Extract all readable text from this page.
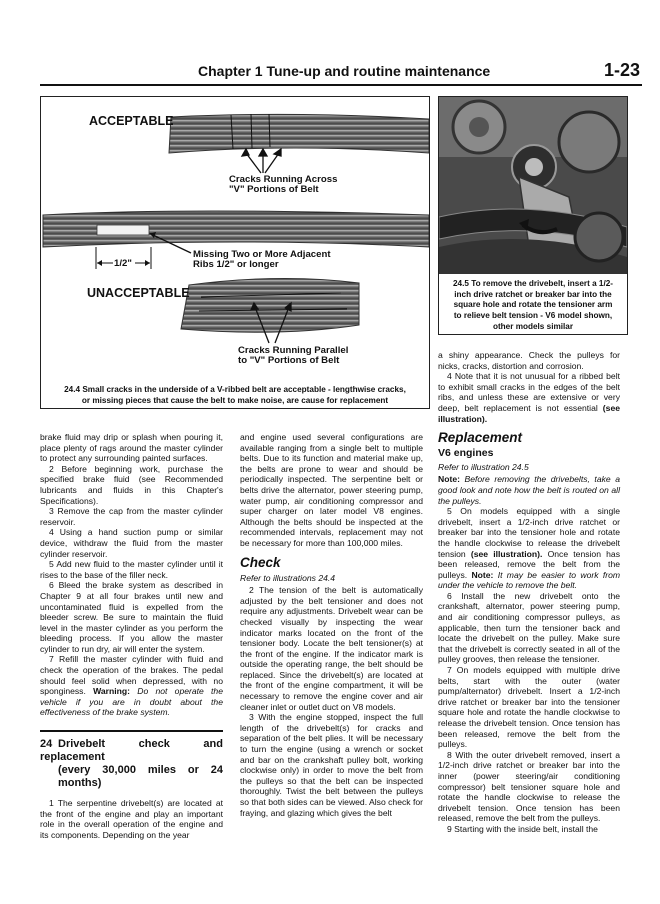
Chapter 1 Tune-up and routine maintenance	1-23
ACCEPTABLE
Cracks Running Across
"V" Portions of Belt
1/2"
Missing Two or More Adjacent
Ribs 1/2" or longer
UNACCEPTABLE
Cracks Running Parallel
to "V" Portions of Belt
24.4 Small cracks in the underside of a V-ribbed belt are acceptable - lengthwise cracks,
or missing pieces that cause the belt to make noise, are cause for replacement
24.5 To remove the drivebelt, insert a 1/2-
inch drive ratchet or breaker bar into the
square hole and rotate the tensioner arm
to relieve belt tension - V6 model shown,
other models similar

brake fluid may drip or splash when pouring it, place plenty of rags around the master cylinder to protect any surrounding painted surfaces.

2 Before beginning work, purchase the specified brake fluid (see Recommended lubricants and fluids in this Chapter's Specifications).

3 Remove the cap from the master cylinder reservoir.

4 Using a hand suction pump or similar device, withdraw the fluid from the master cylinder reservoir.

5 Add new fluid to the master cylinder until it rises to the base of the filler neck.

6 Bleed the brake system as described in Chapter 9 at all four brakes until new and uncontaminated fluid is expelled from the bleeder screw. Be sure to maintain the fluid level in the master cylinder as you perform the bleeding process. If you allow the master cylinder to run dry, air will enter the system.

7 Refill the master cylinder with fluid and check the operation of the brakes. The pedal should feel solid when depressed, with no sponginess. Warning: Do not operate the vehicle if you are in doubt about the effectiveness of the brake system.

24 Drivebelt check and replacement
(every 30,000 miles or 24 months)

1 The serpentine drivebelt(s) are located at the front of the engine and play an important role in the overall operation of the engine and its components. Depending on the year

and engine used several configurations are available ranging from a single belt to multiple belts. Due to its function and material make up, the belts are prone to wear and should be periodically inspected. The serpentine belt or belts drive the alternator, power steering pump, water pump, air conditioning compressor and super charger on later model V8 engines. Although the belts should be inspected at the recommended intervals, replacement may not be necessary for more than 100,000 miles.

Check
Refer to illustrations 24.4

2 The tension of the belt is automatically adjusted by the belt tensioner and does not require any adjustments. Drivebelt wear can be checked visually by inspecting the wear indicator marks located on the front of the tensioner body. Locate the belt tensioner(s) at the front of the engine. If the indicator mark is outside the operating range, the belt should be replaced. Since the drivebelt(s) are located at the front of the engine compartment, it will be necessary to remove the engine cover and air cleaner inlet or outlet duct on V8 models.

3 With the engine stopped, inspect the full length of the drivebelt(s) for cracks and separation of the belt plies. It will be necessary to turn the engine (using a wrench or socket and bar on the crankshaft pulley bolt, working clockwise only) in order to move the belt from the pulleys so that the belt can be inspected thoroughly. Twist the belt between the pulleys so that both sides can be viewed. Also check for fraying, and glazing which gives the belt

a shiny appearance. Check the pulleys for nicks, cracks, distortion and corrosion.

4 Note that it is not unusual for a ribbed belt to exhibit small cracks in the edges of the belt ribs, and unless these are extensive or very deep, belt replacement is not essential (see illustration).

Replacement
V6 engines
Refer to illustration 24.5

Note: Before removing the drivebelts, take a good look and note how the belt is routed on all the pulleys.

5 On models equipped with a single drivebelt, insert a 1/2-inch drive ratchet or breaker bar into the tensioner hole and rotate the handle clockwise to release the drivebelt tension (see illustration). Once tension has been released, remove the belt from the pulleys. Note: It may be easier to work from under the vehicle to remove the belt.

6 Install the new drivebelt onto the crankshaft, alternator, power steering pump, and air conditioning compressor pulleys, as applicable, then turn the tensioner back and locate the drivebelt on the pulley. Make sure that the drivebelt is correctly seated in all of the pulley grooves, then release the tensioner.

7 On models equipped with multiple drive belts, start with the outer (water pump/alternator) drivebelt. Insert a 1/2-inch drive ratchet or breaker bar into the tensioner square hole and rotate the handle clockwise to release the drivebelt tension. Once tension has been released, remove the belt from the pulleys.

8 With the outer drivebelt removed, insert a 1/2-inch drive ratchet or breaker bar into the inner (power steering/air conditioning compressor) belt tensioner square hole and rotate the handle clockwise to release the drivebelt tension. Once tension has been released, remove the belt from the pulleys.

9 Starting with the inside belt, install the
